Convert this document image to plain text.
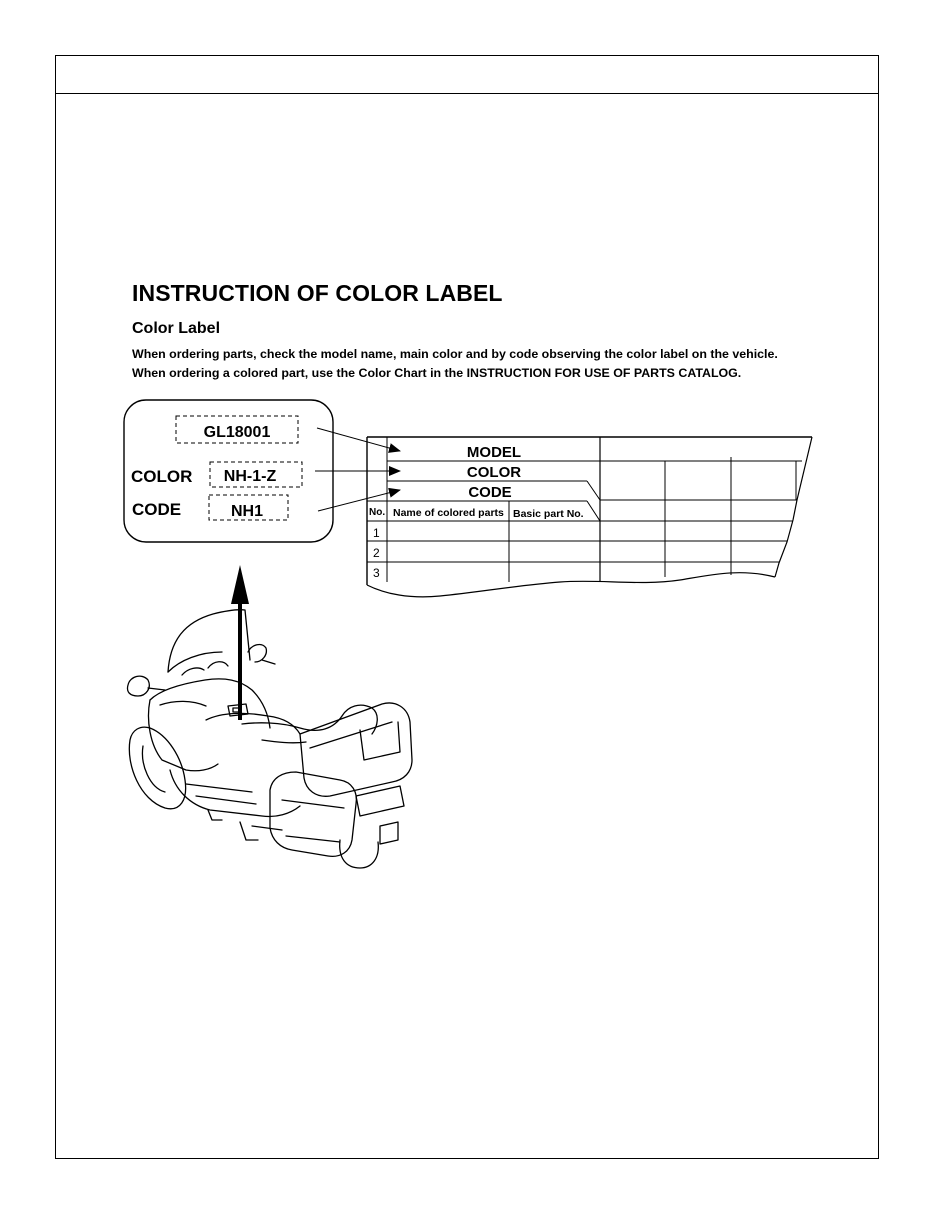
INSTRUCTION OF COLOR LABEL
Color Label

When ordering parts, check the model name, main color and by code observing the color label on the vehicle.

When ordering a colored part, use the Color Chart in the INSTRUCTION FOR USE OF PARTS CATALOG.

GL18001
COLOR NH-1-Z
CODE	NH1
MODEL
COLOR
CODE
No. Name of colored parts Basic part No.
1
2
3
